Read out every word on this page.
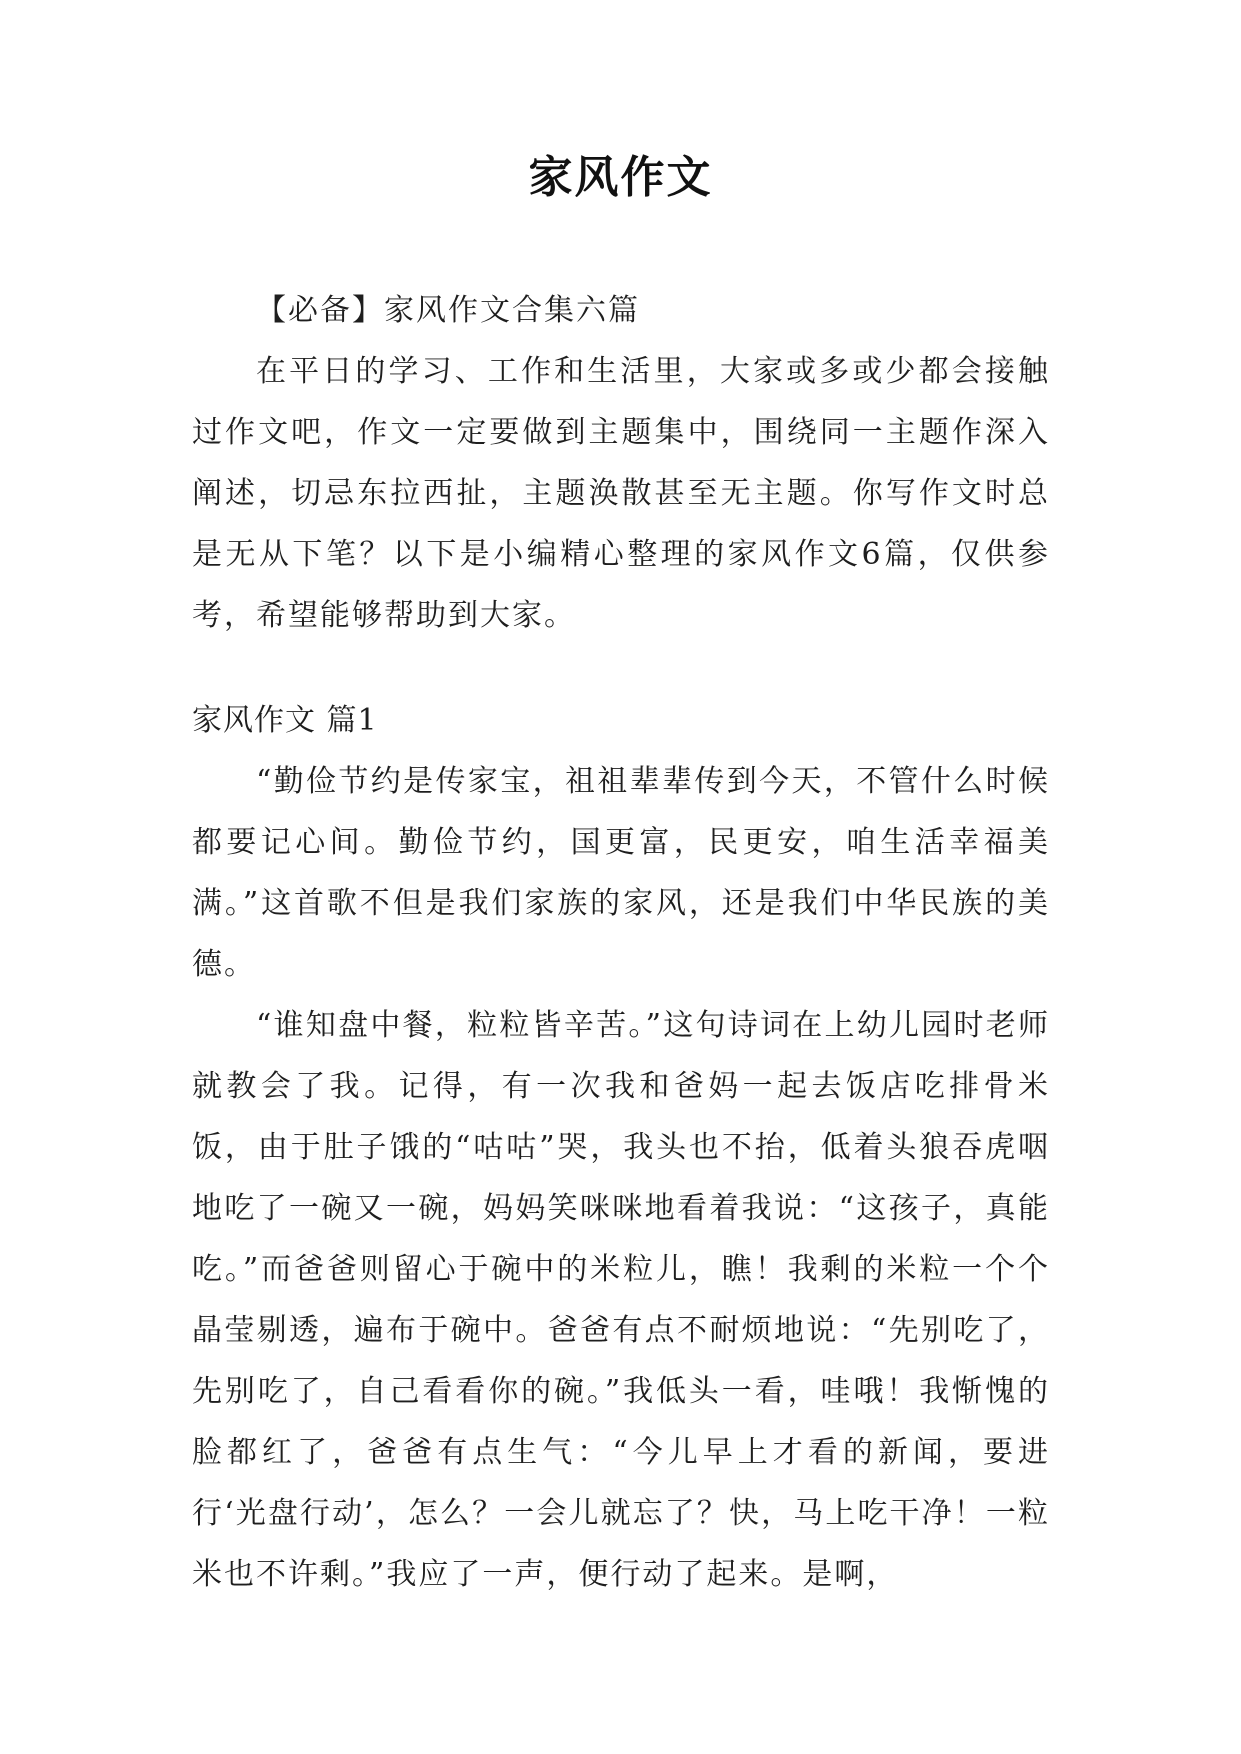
家风作文

【必备】家风作文合集六篇

在平日的学习、工作和生活里，大家或多或少都会接触过作文吧，作文一定要做到主题集中，围绕同一主题作深入阐述，切忌东拉西扯，主题涣散甚至无主题。你写作文时总是无从下笔？以下是小编精心整理的家风作文6篇，仅供参考，希望能够帮助到大家。

家风作文 篇1

“勤俭节约是传家宝，祖祖辈辈传到今天，不管什么时候都要记心间。勤俭节约，国更富，民更安，咱生活幸福美满。”这首歌不但是我们家族的家风，还是我们中华民族的美德。

“谁知盘中餐，粒粒皆辛苦。”这句诗词在上幼儿园时老师就教会了我。记得，有一次我和爸妈一起去饭店吃排骨米饭，由于肚子饿的“咕咕”哭，我头也不抬，低着头狼吞虎咽地吃了一碗又一碗，妈妈笑咪咪地看着我说：“这孩子，真能吃。”而爸爸则留心于碗中的米粒儿，瞧！我剩的米粒一个个晶莹剔透，遍布于碗中。爸爸有点不耐烦地说：“先别吃了，先别吃了，自己看看你的碗。”我低头一看，哇哦！我惭愧的脸都红了，爸爸有点生气：“今儿早上才看的新闻，要进行‘光盘行动’，怎么？一会儿就忘了？快，马上吃干净！一粒米也不许剩。”我应了一声，便行动了起来。是啊，
